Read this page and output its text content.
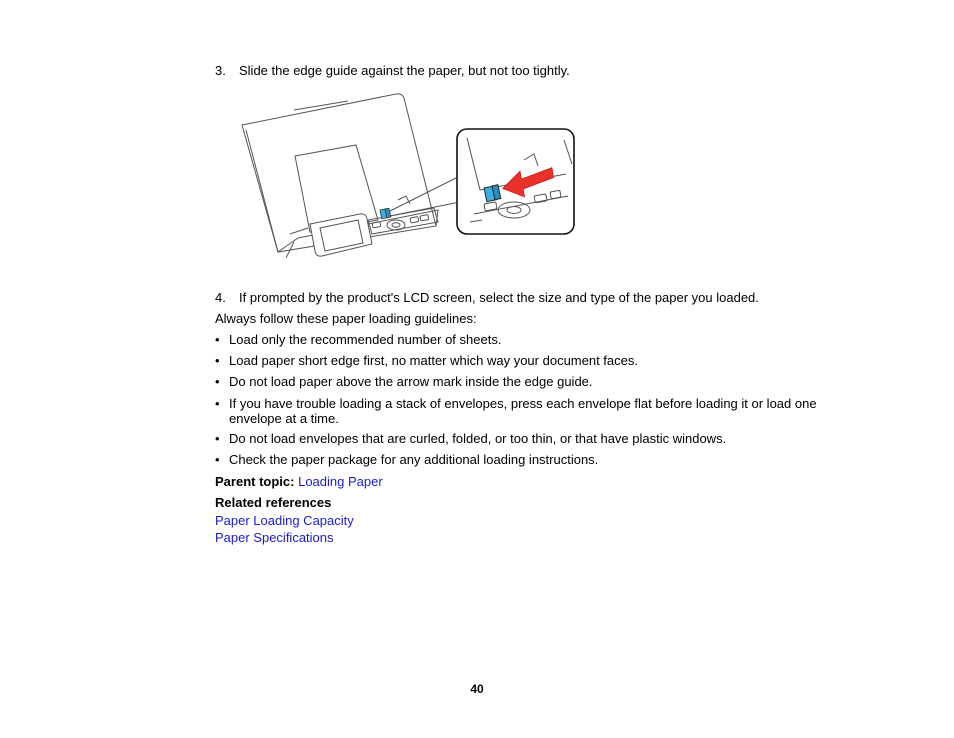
3. Slide the edge guide against the paper, but not too tightly.
4. If prompted by the product's LCD screen, select the size and type of the paper you loaded.
Always follow these paper loading guidelines:
• Load only the recommended number of sheets.
• Load paper short edge first, no matter which way your document faces.
• Do not load paper above the arrow mark inside the edge guide.
• If you have trouble loading a stack of envelopes, press each envelope flat before loading it or load one envelope at a time.
• Do not load envelopes that are curled, folded, or too thin, or that have plastic windows.
• Check the paper package for any additional loading instructions.
Parent topic: Loading Paper
Related references
Paper Loading Capacity
Paper Specifications
40
